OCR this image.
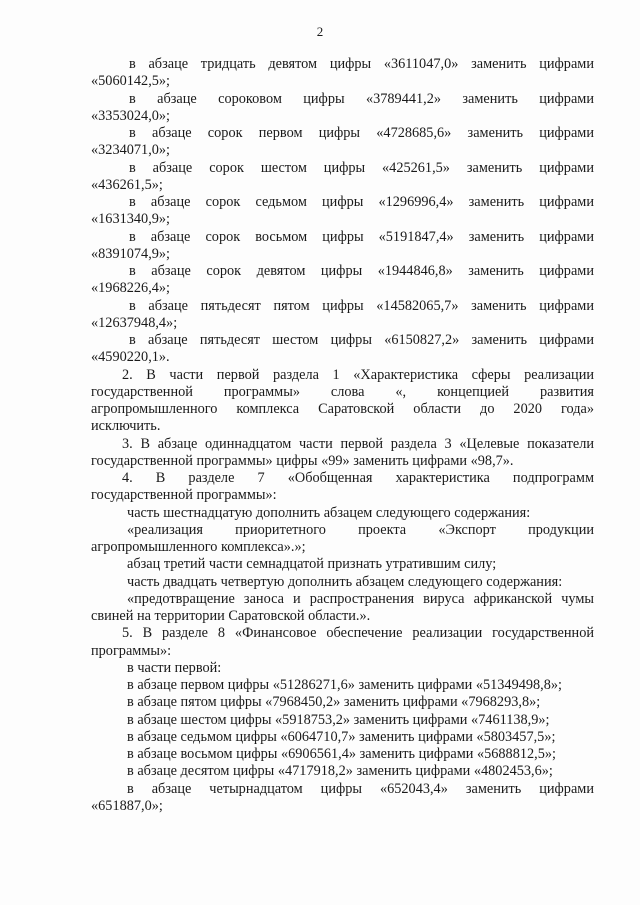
2
в абзаце тридцать девятом цифры «3611047,0» заменить цифрами
«5060142,5»;
в абзаце сороковом цифры «3789441,2» заменить цифрами
«3353024,0»;
в абзаце сорок первом цифры «4728685,6» заменить цифрами
«3234071,0»;
в абзаце сорок шестом цифры «425261,5» заменить цифрами
«436261,5»;
в абзаце сорок седьмом цифры «1296996,4» заменить цифрами
«1631340,9»;
в абзаце сорок восьмом цифры «5191847,4» заменить цифрами
«8391074,9»;
в абзаце сорок девятом цифры «1944846,8» заменить цифрами
«1968226,4»;
в абзаце пятьдесят пятом цифры «14582065,7» заменить цифрами
«12637948,4»;
в абзаце пятьдесят шестом цифры «6150827,2» заменить цифрами
«4590220,1».
2. В части первой раздела 1 «Характеристика сферы реализации
государственной программы» слова «, концепцией развития
агропромышленного комплекса Саратовской области до 2020 года»
исключить.
3. В абзаце одиннадцатом части первой раздела 3 «Целевые показатели
государственной программы» цифры «99» заменить цифрами «98,7».
4. В разделе 7 «Обобщенная характеристика подпрограмм
государственной программы»:
часть шестнадцатую дополнить абзацем следующего содержания:
«реализация приоритетного проекта «Экспорт продукции
агропромышленного комплекса».»;
абзац третий части семнадцатой признать утратившим силу;
часть двадцать четвертую дополнить абзацем следующего содержания:
«предотвращение заноса и распространения вируса африканской чумы
свиней на территории Саратовской области.».
5. В разделе 8 «Финансовое обеспечение реализации государственной
программы»:
в части первой:
в абзаце первом цифры «51286271,6» заменить цифрами «51349498,8»;
в абзаце пятом цифры «7968450,2» заменить цифрами «7968293,8»;
в абзаце шестом цифры «5918753,2» заменить цифрами «7461138,9»;
в абзаце седьмом цифры «6064710,7» заменить цифрами «5803457,5»;
в абзаце восьмом цифры «6906561,4» заменить цифрами «5688812,5»;
в абзаце десятом цифры «4717918,2» заменить цифрами «4802453,6»;
в абзаце четырнадцатом цифры «652043,4» заменить цифрами
«651887,0»;
